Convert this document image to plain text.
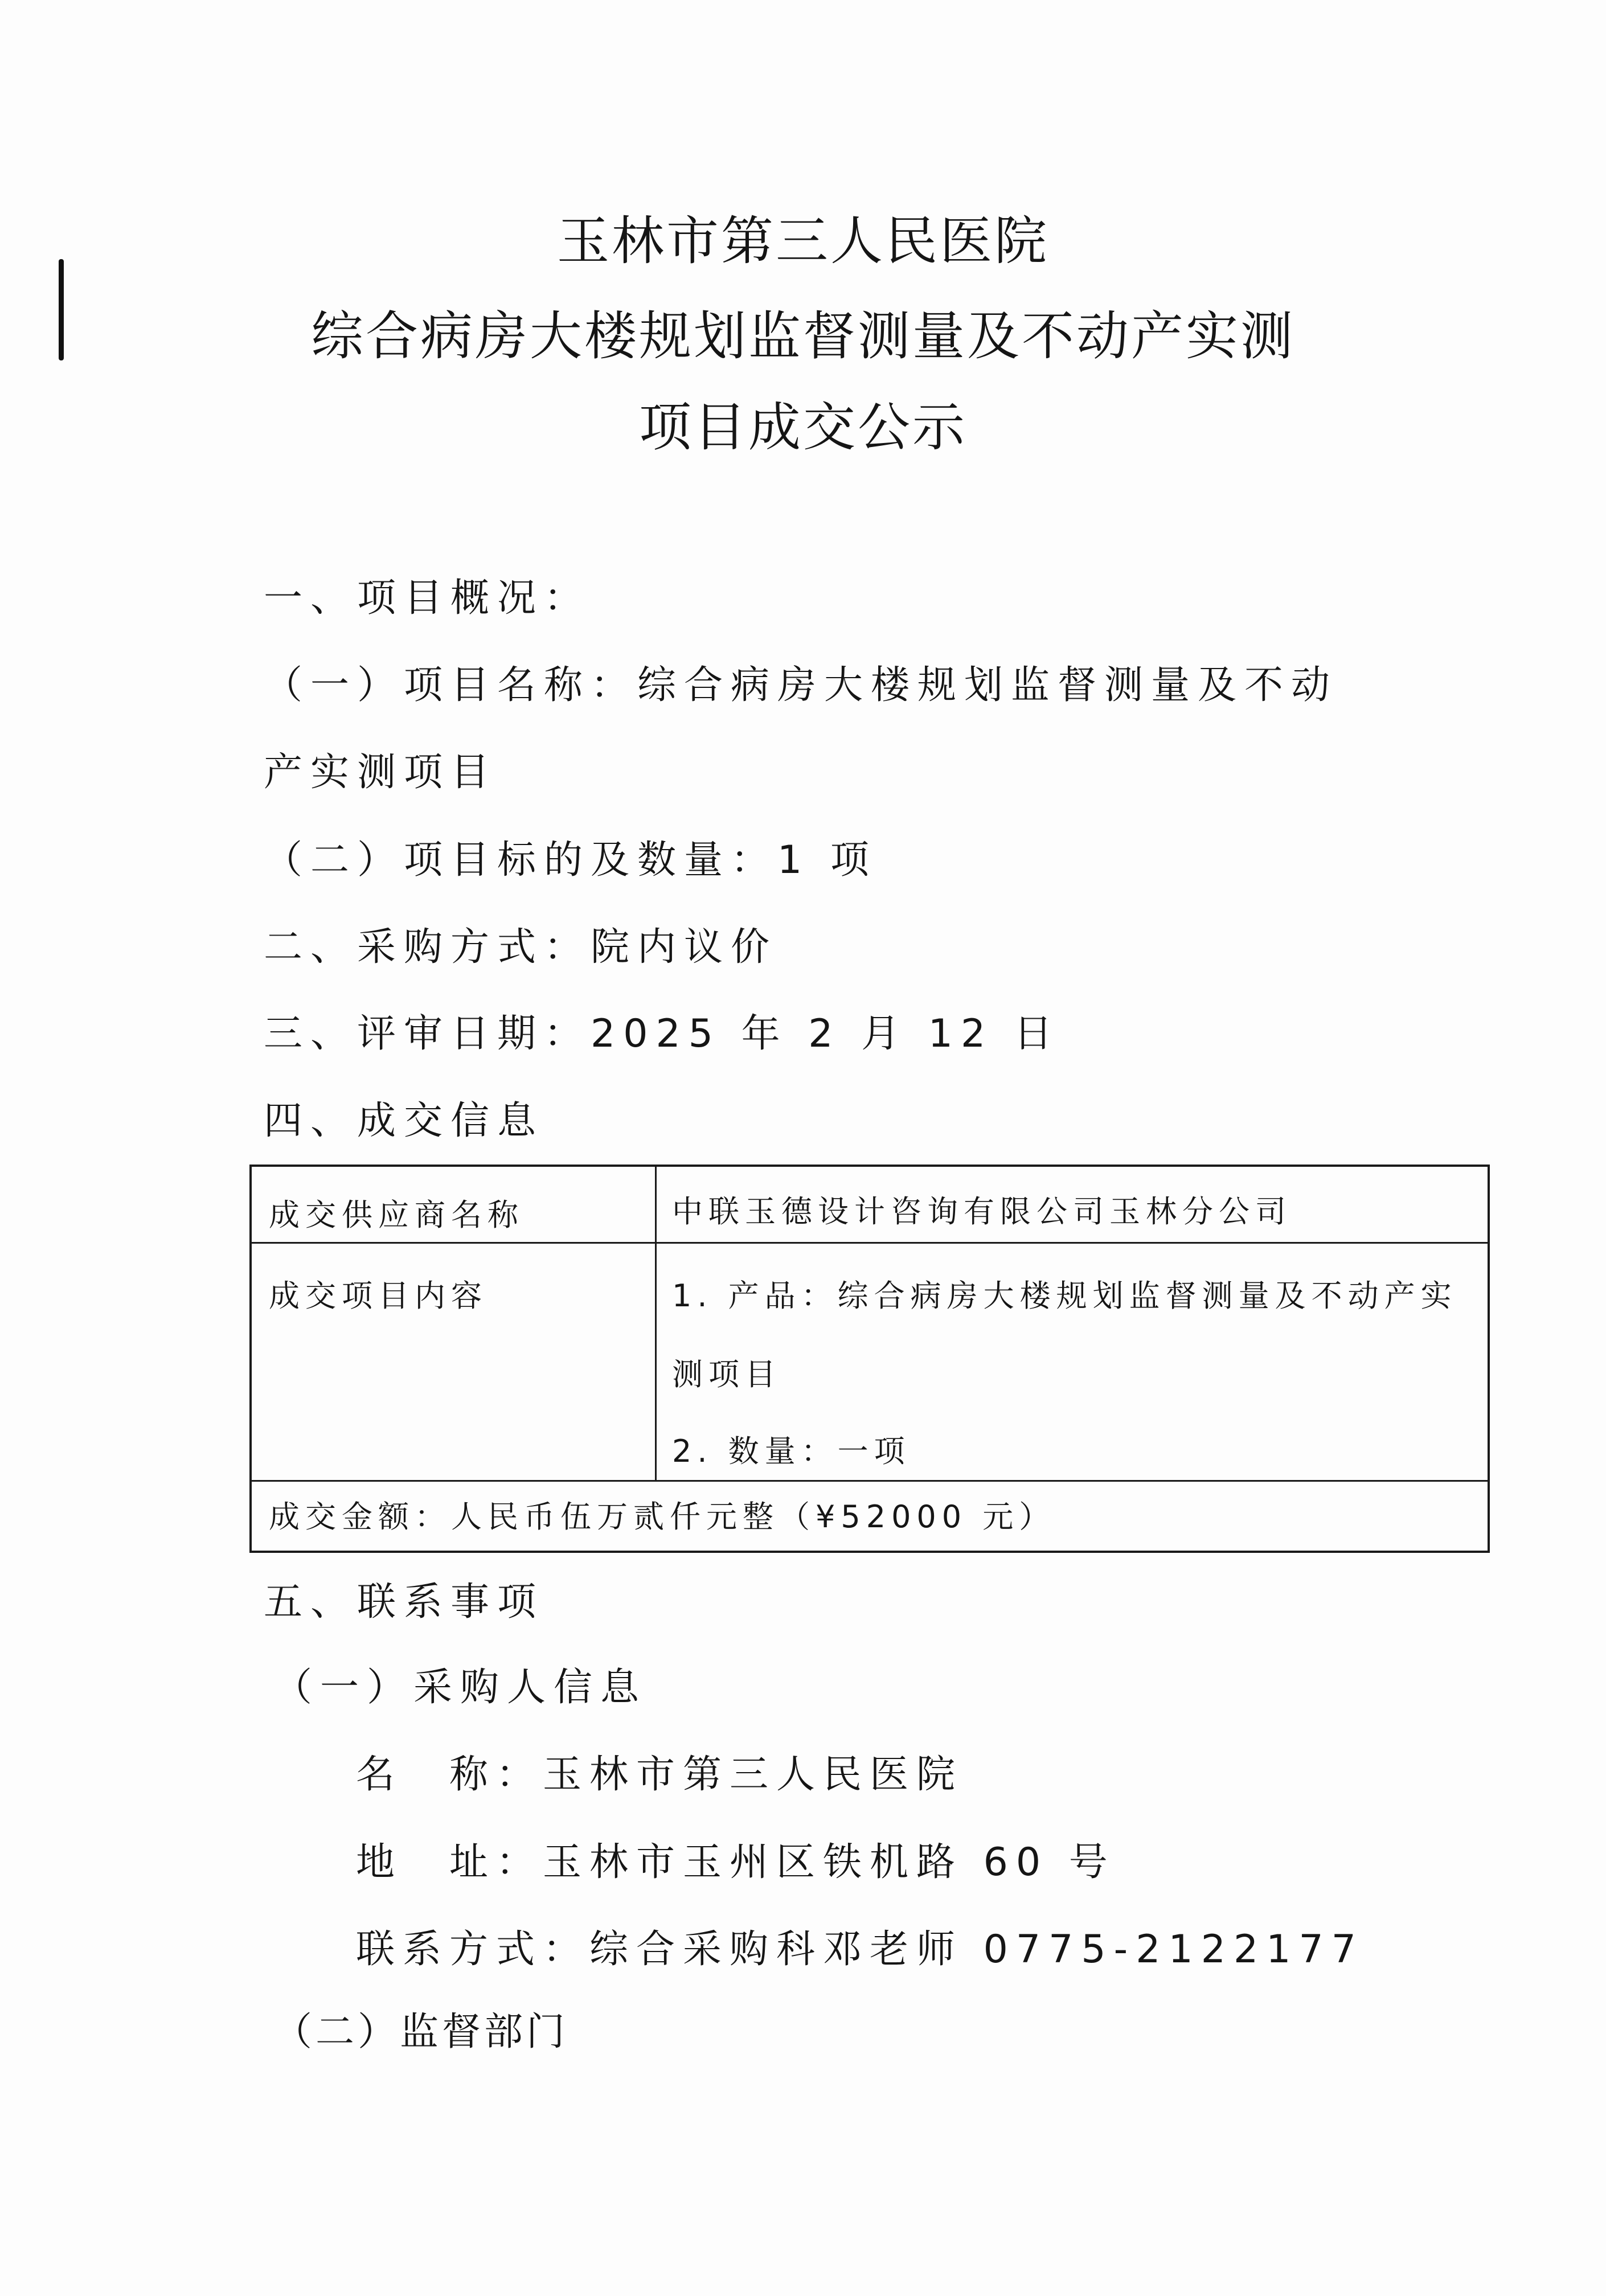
玉林市第三人民医院
综合病房大楼规划监督测量及不动产实测
项目成交公示
一、项目概况：
（一）项目名称：综合病房大楼规划监督测量及不动
产实测项目
（二）项目标的及数量：1 项
二、采购方式：院内议价
三、评审日期：2025 年 2 月 12 日
四、成交信息
成交供应商名称	中联玉德设计咨询有限公司玉林分公司
成交项目内容	1. 产品：综合病房大楼规划监督测量及不动产实
测项目
2. 数量：一项
成交金额：人民币伍万贰仟元整（¥52000 元）
五、联系事项
（一）采购人信息
名　称：玉林市第三人民医院
地　址：玉林市玉州区铁机路 60 号
联系方式：综合采购科邓老师 0775-2122177
（二）监督部门
